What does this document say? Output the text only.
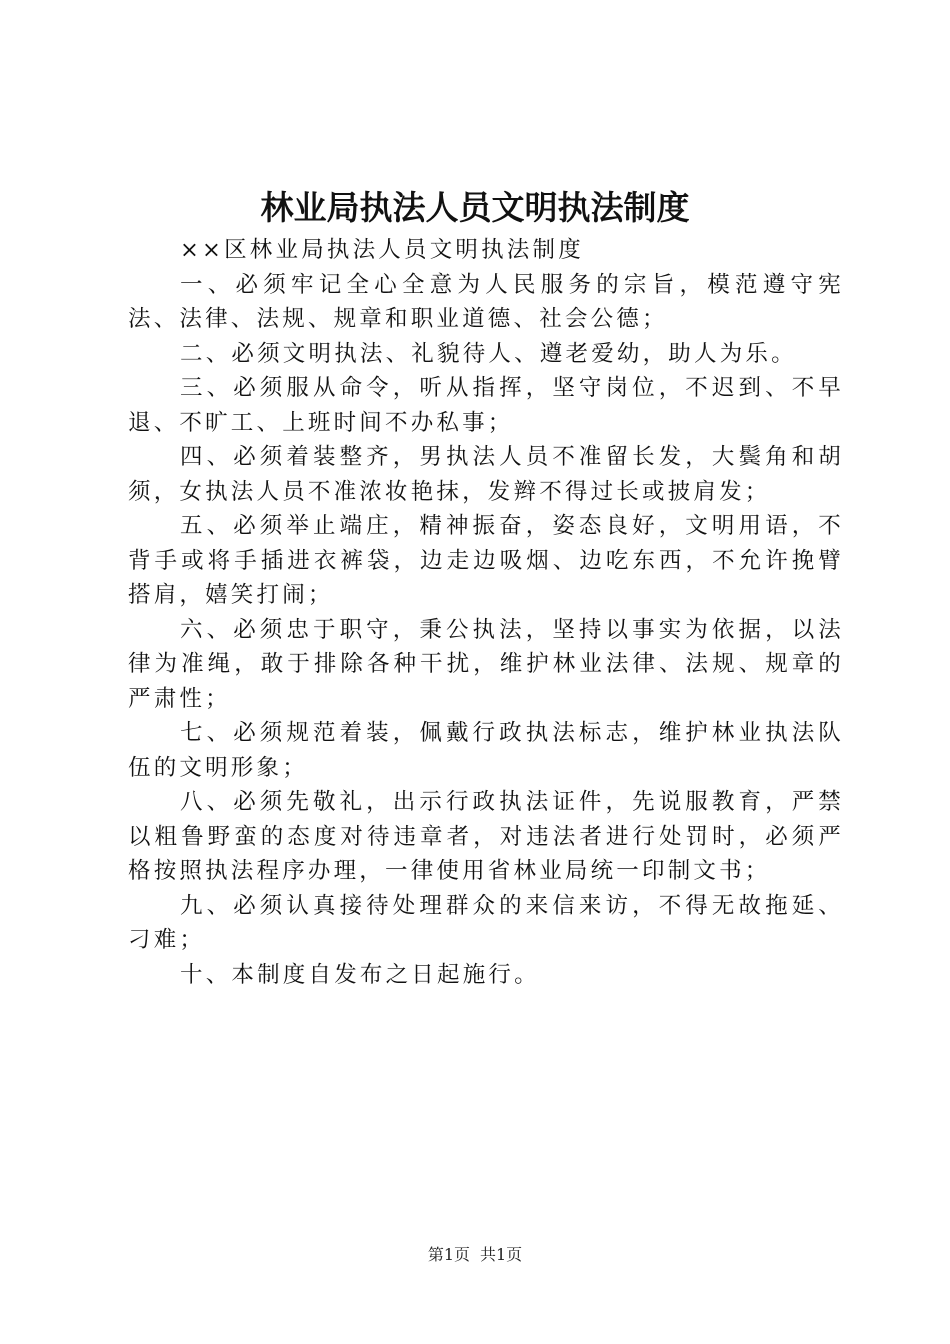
林业局执法人员文明执法制度

××区林业局执法人员文明执法制度

一、必须牢记全心全意为人民服务的宗旨，模范遵守宪法、法律、法规、规章和职业道德、社会公德；

二、必须文明执法、礼貌待人、遵老爱幼，助人为乐。

三、必须服从命令，听从指挥，坚守岗位，不迟到、不早退、不旷工、上班时间不办私事；

四、必须着装整齐，男执法人员不准留长发，大鬓角和胡须，女执法人员不准浓妆艳抹，发辫不得过长或披肩发；

五、必须举止端庄，精神振奋，姿态良好，文明用语，不背手或将手插进衣裤袋，边走边吸烟、边吃东西，不允许挽臂搭肩，嬉笑打闹；

六、必须忠于职守，秉公执法，坚持以事实为依据，以法律为准绳，敢于排除各种干扰，维护林业法律、法规、规章的严肃性；

七、必须规范着装，佩戴行政执法标志，维护林业执法队伍的文明形象；

八、必须先敬礼，出示行政执法证件，先说服教育，严禁以粗鲁野蛮的态度对待违章者，对违法者进行处罚时，必须严格按照执法程序办理，一律使用省林业局统一印制文书；

九、必须认真接待处理群众的来信来访，不得无故拖延、刁难；

十、本制度自发布之日起施行。

第1页 共1页
